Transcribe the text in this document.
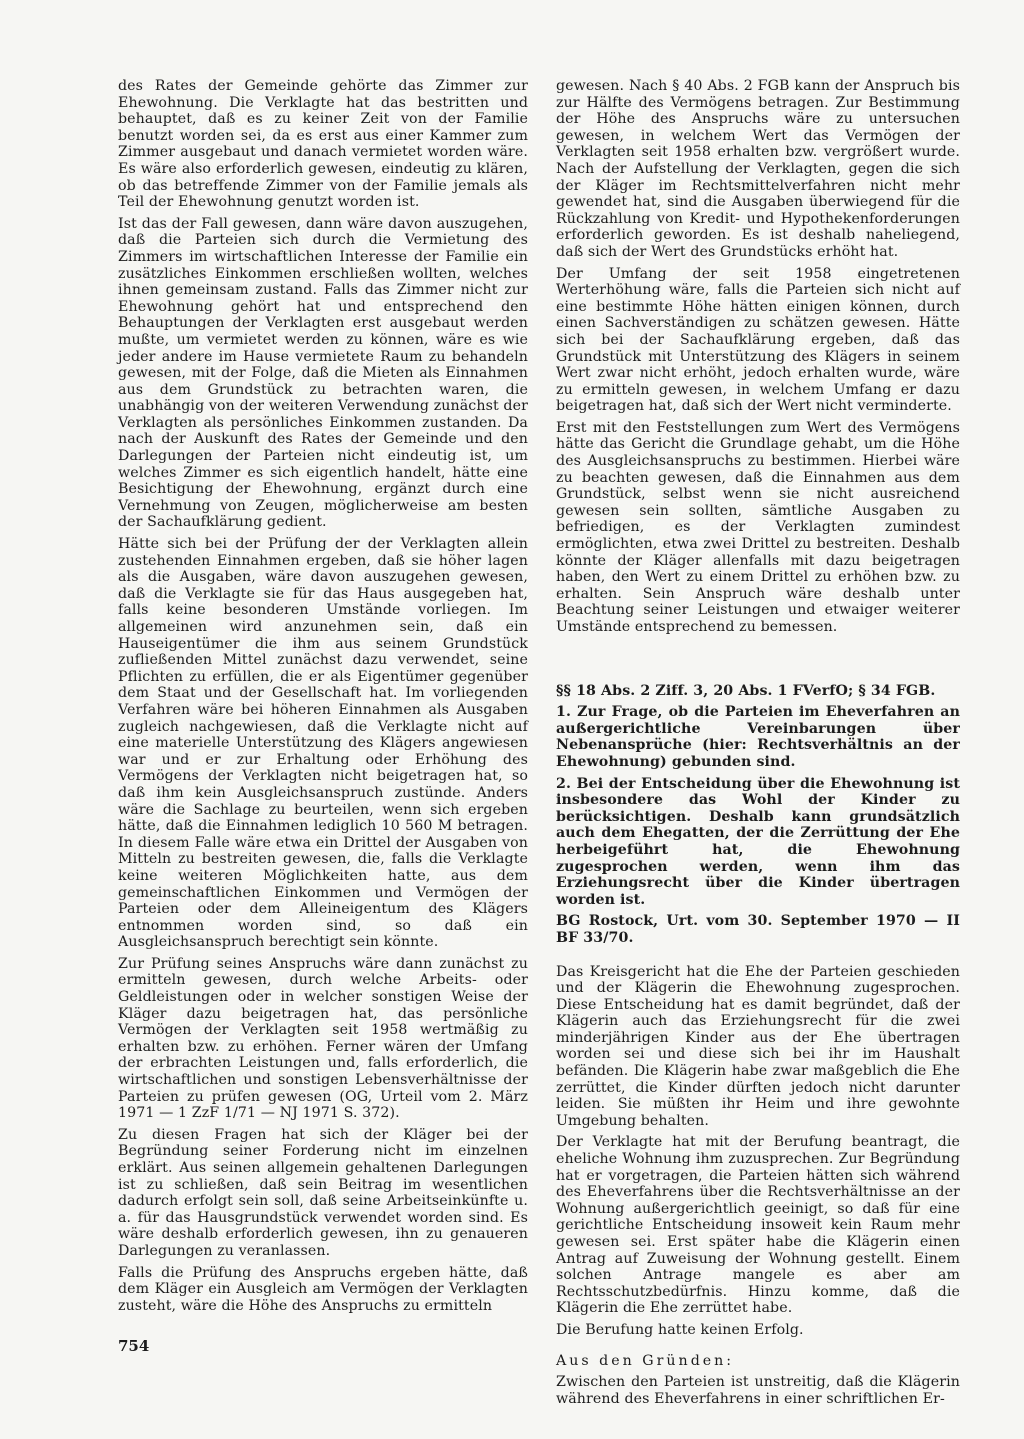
des Rates der Gemeinde gehörte das Zimmer zur Ehewohnung. Die Verklagte hat das bestritten und behauptet, daß es zu keiner Zeit von der Familie benutzt worden sei, da es erst aus einer Kammer zum Zimmer ausgebaut und danach vermietet worden wäre. Es wäre also erforderlich gewesen, eindeutig zu klären, ob das betreffende Zimmer von der Familie jemals als Teil der Ehewohnung genutzt worden ist.

Ist das der Fall gewesen, dann wäre davon auszugehen, daß die Parteien sich durch die Vermietung des Zimmers im wirtschaftlichen Interesse der Familie ein zusätzliches Einkommen erschließen wollten, welches ihnen gemeinsam zustand. Falls das Zimmer nicht zur Ehewohnung gehört hat und entsprechend den Behauptungen der Verklagten erst ausgebaut werden mußte, um vermietet werden zu können, wäre es wie jeder andere im Hause vermietete Raum zu behandeln gewesen, mit der Folge, daß die Mieten als Einnahmen aus dem Grundstück zu betrachten waren, die unabhängig von der weiteren Verwendung zunächst der Verklagten als persönliches Einkommen zustanden. Da nach der Auskunft des Rates der Gemeinde und den Darlegungen der Parteien nicht eindeutig ist, um welches Zimmer es sich eigentlich handelt, hätte eine Besichtigung der Ehewohnung, ergänzt durch eine Vernehmung von Zeugen, möglicherweise am besten der Sachaufklärung gedient.

Hätte sich bei der Prüfung der der Verklagten allein zustehenden Einnahmen ergeben, daß sie höher lagen als die Ausgaben, wäre davon auszugehen gewesen, daß die Verklagte sie für das Haus ausgegeben hat, falls keine besonderen Umstände vorliegen. Im allgemeinen wird anzunehmen sein, daß ein Hauseigentümer die ihm aus seinem Grundstück zufließenden Mittel zunächst dazu verwendet, seine Pflichten zu erfüllen, die er als Eigentümer gegenüber dem Staat und der Gesellschaft hat. Im vorliegenden Verfahren wäre bei höheren Einnahmen als Ausgaben zugleich nachgewiesen, daß die Verklagte nicht auf eine materielle Unterstützung des Klägers angewiesen war und er zur Erhaltung oder Erhöhung des Vermögens der Verklagten nicht beigetragen hat, so daß ihm kein Ausgleichsanspruch zustünde. Anders wäre die Sachlage zu beurteilen, wenn sich ergeben hätte, daß die Einnahmen lediglich 10 560 M betragen. In diesem Falle wäre etwa ein Drittel der Ausgaben von Mitteln zu bestreiten gewesen, die, falls die Verklagte keine weiteren Möglichkeiten hatte, aus dem gemeinschaftlichen Einkommen und Vermögen der Parteien oder dem Alleineigentum des Klägers entnommen worden sind, so daß ein Ausgleichsanspruch berechtigt sein könnte.

Zur Prüfung seines Anspruchs wäre dann zunächst zu ermitteln gewesen, durch welche Arbeits- oder Geldleistungen oder in welcher sonstigen Weise der Kläger dazu beigetragen hat, das persönliche Vermögen der Verklagten seit 1958 wertmäßig zu erhalten bzw. zu erhöhen. Ferner wären der Umfang der erbrachten Leistungen und, falls erforderlich, die wirtschaftlichen und sonstigen Lebensverhältnisse der Parteien zu prüfen gewesen (OG, Urteil vom 2. März 1971 — 1 ZzF 1/71 — NJ 1971 S. 372).

Zu diesen Fragen hat sich der Kläger bei der Begründung seiner Forderung nicht im einzelnen erklärt. Aus seinen allgemein gehaltenen Darlegungen ist zu schließen, daß sein Beitrag im wesentlichen dadurch erfolgt sein soll, daß seine Arbeitseinkünfte u. a. für das Hausgrundstück verwendet worden sind. Es wäre deshalb erforderlich gewesen, ihn zu genaueren Darlegungen zu veranlassen.

Falls die Prüfung des Anspruchs ergeben hätte, daß dem Kläger ein Ausgleich am Vermögen der Verklagten zusteht, wäre die Höhe des Anspruchs zu ermitteln

gewesen. Nach § 40 Abs. 2 FGB kann der Anspruch bis zur Hälfte des Vermögens betragen. Zur Bestimmung der Höhe des Anspruchs wäre zu untersuchen gewesen, in welchem Wert das Vermögen der Verklagten seit 1958 erhalten bzw. vergrößert wurde. Nach der Aufstellung der Verklagten, gegen die sich der Kläger im Rechtsmittelverfahren nicht mehr gewendet hat, sind die Ausgaben überwiegend für die Rückzahlung von Kredit- und Hypothekenforderungen erforderlich geworden. Es ist deshalb naheliegend, daß sich der Wert des Grundstücks erhöht hat.

Der Umfang der seit 1958 eingetretenen Werterhöhung wäre, falls die Parteien sich nicht auf eine bestimmte Höhe hätten einigen können, durch einen Sachverständigen zu schätzen gewesen. Hätte sich bei der Sachaufklärung ergeben, daß das Grundstück mit Unterstützung des Klägers in seinem Wert zwar nicht erhöht, jedoch erhalten wurde, wäre zu ermitteln gewesen, in welchem Umfang er dazu beigetragen hat, daß sich der Wert nicht verminderte.

Erst mit den Feststellungen zum Wert des Vermögens hätte das Gericht die Grundlage gehabt, um die Höhe des Ausgleichsanspruchs zu bestimmen. Hierbei wäre zu beachten gewesen, daß die Einnahmen aus dem Grundstück, selbst wenn sie nicht ausreichend gewesen sein sollten, sämtliche Ausgaben zu befriedigen, es der Verklagten zumindest ermöglichten, etwa zwei Drittel zu bestreiten. Deshalb könnte der Kläger allenfalls mit dazu beigetragen haben, den Wert zu einem Drittel zu erhöhen bzw. zu erhalten. Sein Anspruch wäre deshalb unter Beachtung seiner Leistungen und etwaiger weiterer Umstände entsprechend zu bemessen.

§§ 18 Abs. 2 Ziff. 3, 20 Abs. 1 FVerfO; § 34 FGB.

1. Zur Frage, ob die Parteien im Eheverfahren an außergerichtliche Vereinbarungen über Nebenansprüche (hier: Rechtsverhältnis an der Ehewohnung) gebunden sind.

2. Bei der Entscheidung über die Ehewohnung ist insbesondere das Wohl der Kinder zu berücksichtigen. Deshalb kann grundsätzlich auch dem Ehegatten, der die Zerrüttung der Ehe herbeigeführt hat, die Ehewohnung zugesprochen werden, wenn ihm das Erziehungsrecht über die Kinder übertragen worden ist.

BG Rostock, Urt. vom 30. September 1970 — II BF 33/70.

Das Kreisgericht hat die Ehe der Parteien geschieden und der Klägerin die Ehewohnung zugesprochen. Diese Entscheidung hat es damit begründet, daß der Klägerin auch das Erziehungsrecht für die zwei minderjährigen Kinder aus der Ehe übertragen worden sei und diese sich bei ihr im Haushalt befänden. Die Klägerin habe zwar maßgeblich die Ehe zerrüttet, die Kinder dürften jedoch nicht darunter leiden. Sie müßten ihr Heim und ihre gewohnte Umgebung behalten.

Der Verklagte hat mit der Berufung beantragt, die eheliche Wohnung ihm zuzusprechen. Zur Begründung hat er vorgetragen, die Parteien hätten sich während des Eheverfahrens über die Rechtsverhältnisse an der Wohnung außergerichtlich geeinigt, so daß für eine gerichtliche Entscheidung insoweit kein Raum mehr gewesen sei. Erst später habe die Klägerin einen Antrag auf Zuweisung der Wohnung gestellt. Einem solchen Antrage mangele es aber am Rechtsschutzbedürfnis. Hinzu komme, daß die Klägerin die Ehe zerrüttet habe.

Die Berufung hatte keinen Erfolg.

Aus den Gründen:

Zwischen den Parteien ist unstreitig, daß die Klägerin während des Eheverfahrens in einer schriftlichen Er-

754
